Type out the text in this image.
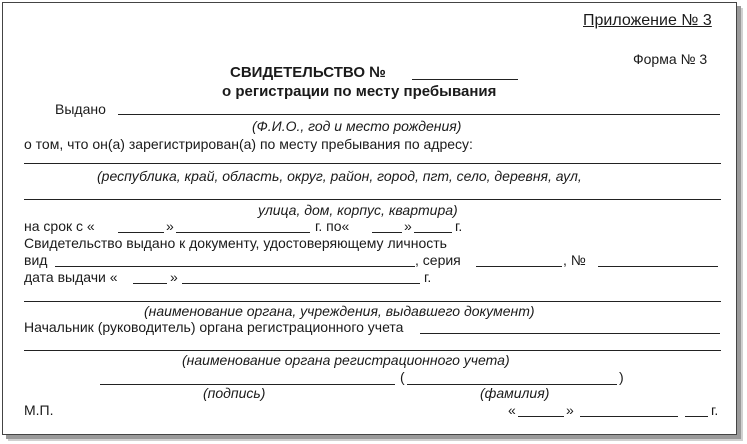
Приложение № 3
Форма № 3
СВИДЕТЕЛЬСТВО №
о регистрации по месту пребывания
Выдано
(Ф.И.О., год и место рождения)
о том, что он(а) зарегистрирован(а) по месту пребывания по адресу:
(республика, край, область, округ, район, город, пгт, село, деревня, аул,
улица, дом, корпус, квартира)
на срок с «	»	г. по«	»	г.
Свидетельство выдано к документу, удостоверяющему личность
вид	, серия	, №
дата выдачи «	»	г.
(наименование органа, учреждения, выдавшего документ)
Начальник (руководитель) органа регистрационного учета
(наименование органа регистрационного учета)
(	)
(подпись)	(фамилия)
М.П.	«	»	г.
